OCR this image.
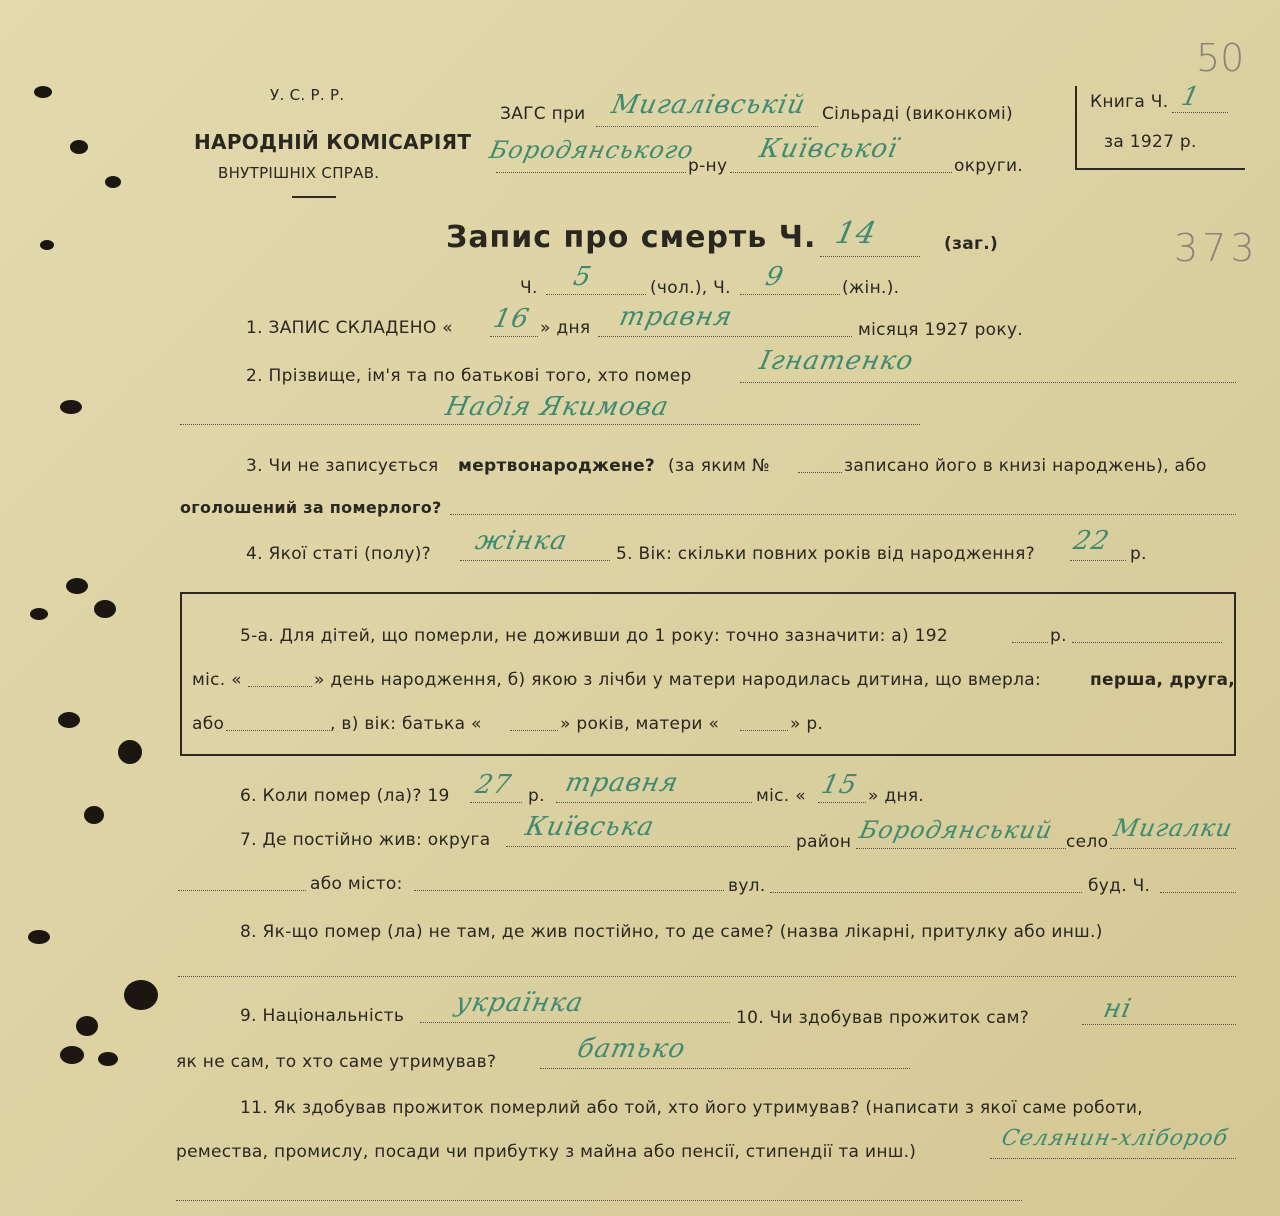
У. С. Р. Р.
НАРОДНІЙ КОМІСАРІЯТ
ВНУТРІШНІХ СПРАВ.
ЗАГС при Мигалівській Сільраді (виконкомі)
Бородянського
р-ну
Київської
округи.
Книга Ч. 1
за 1927 р.
50
373
Запис про смерть Ч. 14	(заг.)
Ч. 5	(чол.), Ч. 9	(жін.).
1. ЗАПИС СКЛАДЕНО « 16 » дня травня	місяця 1927 року.
2. Прізвище, ім'я та по батькові того, хто помер	Ігнатенко
Надія Якимова
3. Чи не записується мертвонароджене? (за яким №	записано його в книзі народжень), або
оголошений за померлого?
4. Якої статі (полу)? жінка	5. Вік: скільки повних років від народження? 22 р.
5-а. Для дітей, що померли, не доживши до 1 року: точно зазначити: а) 192	р.
міс. «	» день народження, б) якою з лічби у матери народилась дитина, що вмерла:	перша, друга,
або	, в) вік: батька «	» років, матери «	» р.
6. Коли помер (ла)? 19 27 р. травня	міс. « 15 » дня.
7. Де постійно жив: округа Київська	район Бородянський село Мигалки
або місто:	вул.	буд. Ч.
8. Як-що помер (ла) не там, де жив постійно, то де саме? (назва лікарні, притулку або инш.)
9. Національність українка	10. Чи здобував прожиток сам?	ні
як не сам, то хто саме утримував?	батько
11. Як здобував прожиток померлий або той, хто його утримував? (написати з якої саме роботи,
ремества, промислу, посади чи прибутку з майна або пенсії, стипендії та инш.)
Селянин-хлібороб
